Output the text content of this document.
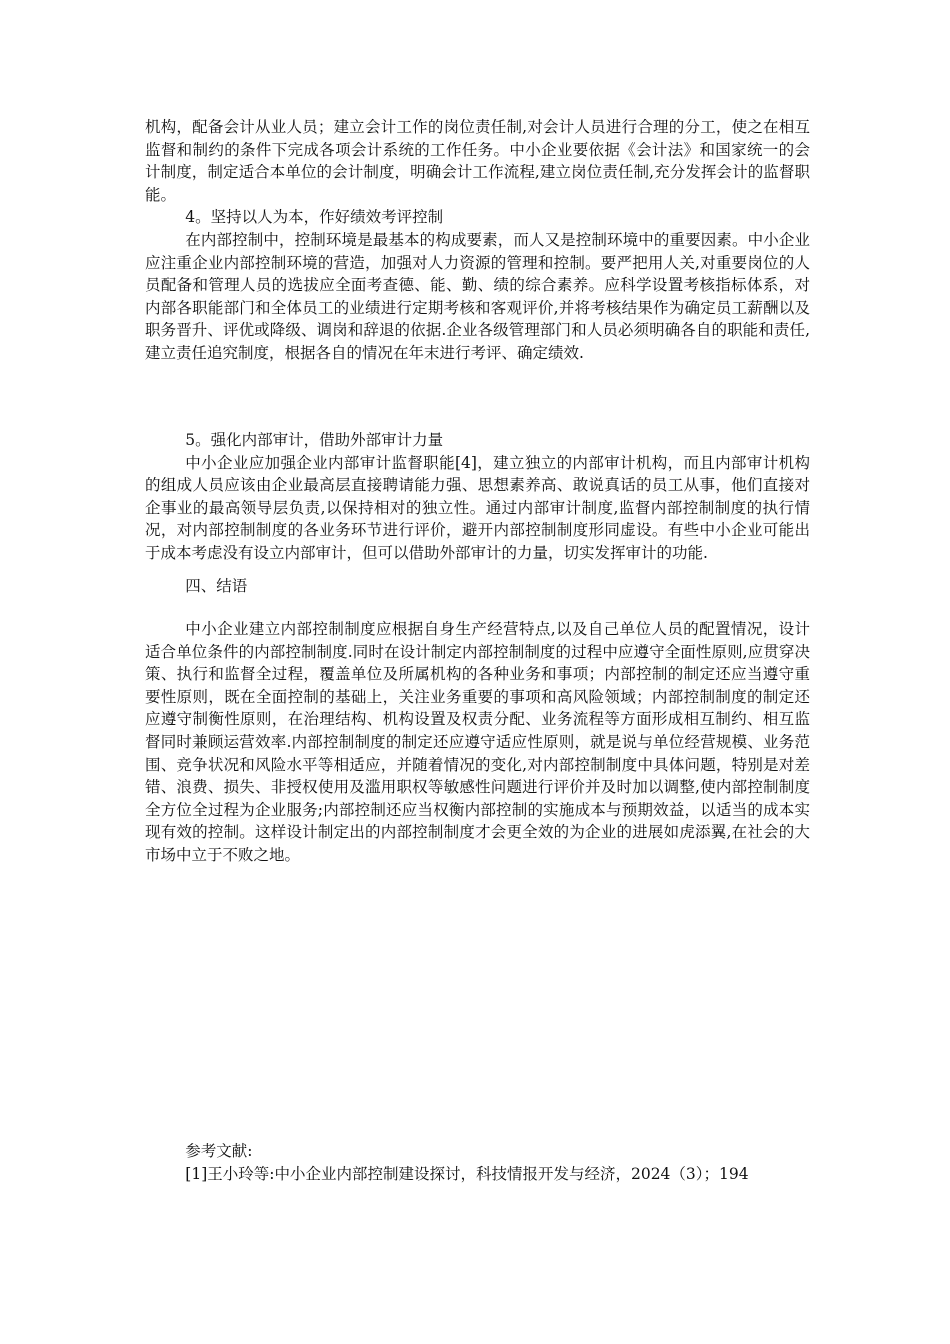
机构，配备会计从业人员；建立会计工作的岗位责任制,对会计人员进行合理的分工，使之在相互监督和制约的条件下完成各项会计系统的工作任务。中小企业要依据《会计法》和国家统一的会计制度，制定适合本单位的会计制度，明确会计工作流程,建立岗位责任制,充分发挥会计的监督职能。

4。坚持以人为本，作好绩效考评控制

在内部控制中，控制环境是最基本的构成要素，而人又是控制环境中的重要因素。中小企业应注重企业内部控制环境的营造，加强对人力资源的管理和控制。要严把用人关,对重要岗位的人员配备和管理人员的选拔应全面考查德、能、勤、绩的综合素养。应科学设置考核指标体系，对内部各职能部门和全体员工的业绩进行定期考核和客观评价,并将考核结果作为确定员工薪酬以及职务晋升、评优或降级、调岗和辞退的依据.企业各级管理部门和人员必须明确各自的职能和责任,建立责任追究制度，根据各自的情况在年末进行考评、确定绩效.

5。强化内部审计，借助外部审计力量

中小企业应加强企业内部审计监督职能[4]，建立独立的内部审计机构，而且内部审计机构的组成人员应该由企业最高层直接聘请能力强、思想素养高、敢说真话的员工从事，他们直接对企事业的最高领导层负责,以保持相对的独立性。通过内部审计制度,监督内部控制制度的执行情况，对内部控制制度的各业务环节进行评价，避开内部控制制度形同虚设。有些中小企业可能出于成本考虑没有设立内部审计，但可以借助外部审计的力量，切实发挥审计的功能.

四、结语

中小企业建立内部控制制度应根据自身生产经营特点,以及自己单位人员的配置情况，设计适合单位条件的内部控制制度.同时在设计制定内部控制制度的过程中应遵守全面性原则,应贯穿决策、执行和监督全过程，覆盖单位及所属机构的各种业务和事项；内部控制的制定还应当遵守重要性原则，既在全面控制的基础上，关注业务重要的事项和高风险领域；内部控制制度的制定还应遵守制衡性原则，在治理结构、机构设置及权责分配、业务流程等方面形成相互制约、相互监督同时兼顾运营效率.内部控制制度的制定还应遵守适应性原则，就是说与单位经营规模、业务范围、竞争状况和风险水平等相适应，并随着情况的变化,对内部控制制度中具体问题，特别是对差错、浪费、损失、非授权使用及滥用职权等敏感性问题进行评价并及时加以调整,使内部控制制度全方位全过程为企业服务;内部控制还应当权衡内部控制的实施成本与预期效益，以适当的成本实现有效的控制。这样设计制定出的内部控制制度才会更全效的为企业的进展如虎添翼,在社会的大市场中立于不败之地。

参考文献:

[1]王小玲等:中小企业内部控制建设探讨，科技情报开发与经济，2024（3）；194
